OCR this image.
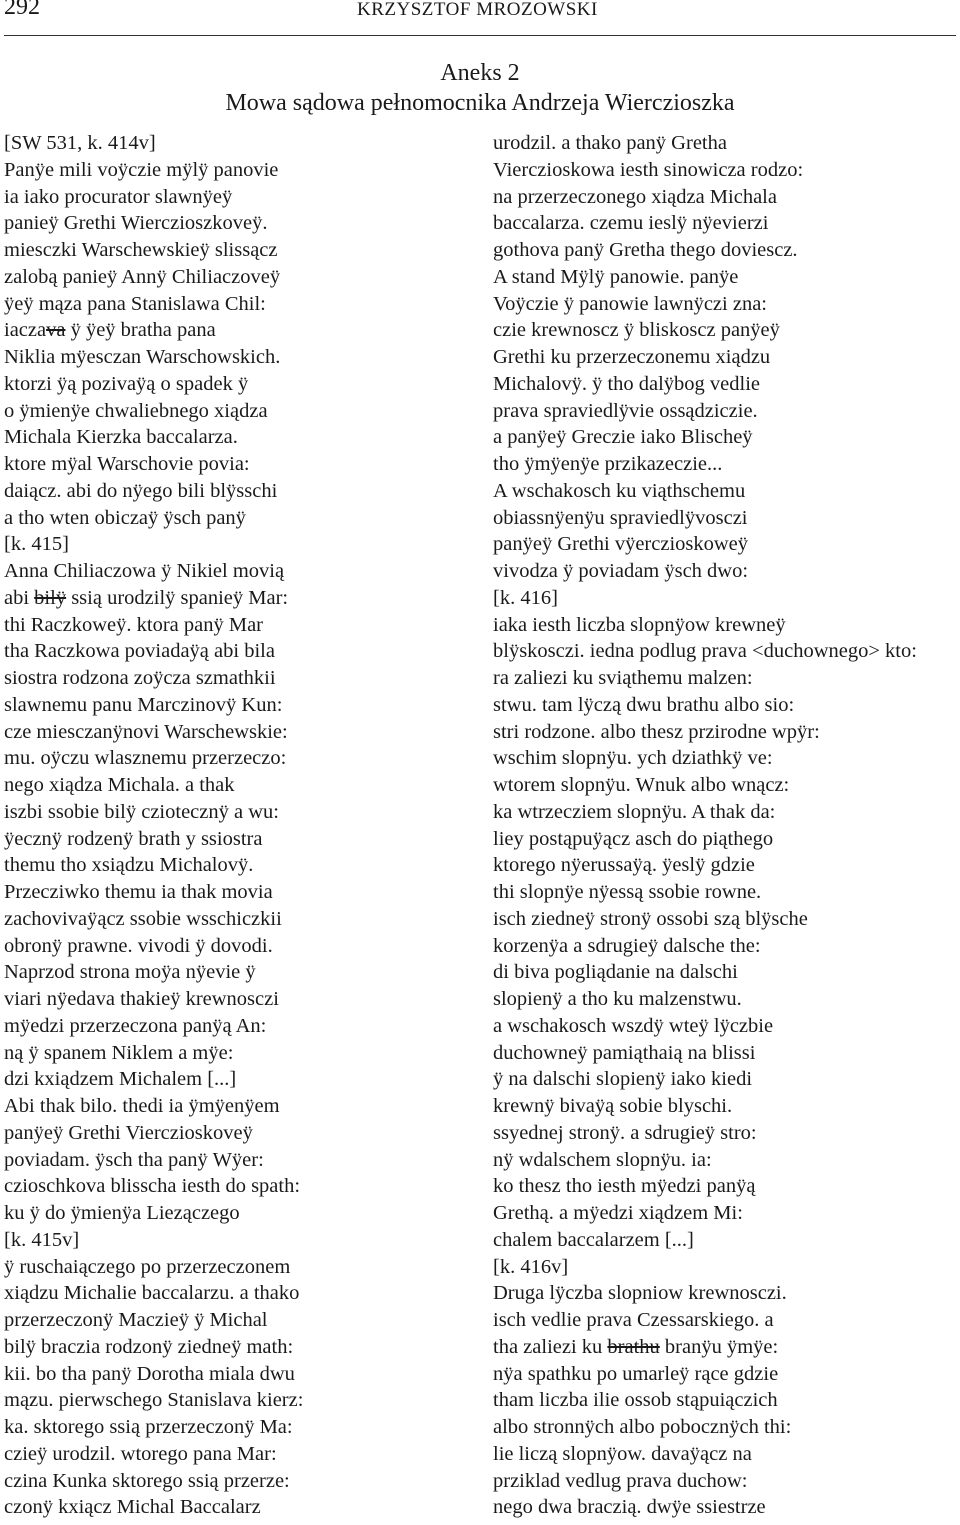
292	KRZYSZTOF MROZOWSKI
Aneks 2
Mowa sądowa pełnomocnika Andrzeja Wierczioszka
[SW 531, k. 414v]
Panÿe mili voÿczie mÿlÿ panovie
ia iako procurator slawnÿeÿ
panieÿ Grethi Wierczioszkoveÿ.
miesczki Warschewskieÿ slissącz
zalobą panieÿ Annÿ Chiliaczoveÿ
ÿeÿ mąza pana Stanislawa Chil:
iaczava ÿ ÿeÿ bratha pana
Niklia mÿesczan Warschowskich.
ktorzi ÿą pozivaÿą o spadek ÿ
o ÿmienÿe chwaliebnego xiądza
Michala Kierzka baccalarza.
ktore mÿal Warschovie povia:
daiącz. abi do nÿego bili blÿsschi
a tho wten obiczaÿ ÿsch panÿ
[k. 415]
Anna Chiliaczowa ÿ Nikiel movią
abi bilÿ ssią urodzilÿ spanieÿ Mar:
thi Raczkoweÿ. ktora panÿ Mar
tha Raczkowa poviadaÿą abi bila
siostra rodzona zoÿcza szmathkii
slawnemu panu Marczinovÿ Kun:
cze miesczanÿnovi Warschewskie:
mu. oÿczu wlasznemu przerzeczo:
nego xiądza Michala. a thak
iszbi ssobie bilÿ cziotecznÿ a wu:
ÿecznÿ rodzenÿ brath y ssiostra
themu tho xsiądzu Michalovÿ.
Przecziwko themu ia thak movia
zachovivaÿącz ssobie wsschiczkii
obronÿ prawne. vivodi ÿ dovodi.
Naprzod strona moÿa nÿevie ÿ
viari nÿedava thakieÿ krewnosczi
mÿedzi przerzeczona panÿą An:
ną ÿ spanem Niklem a mÿe:
dzi kxiądzem Michalem [...]
Abi thak bilo. thedi ia ÿmÿenÿem
panÿeÿ Grethi Vierczioskoveÿ
poviadam. ÿsch tha panÿ Wÿer:
czioschkova blisscha iesth do spath:
ku ÿ do ÿmienÿa Liezączego
[k. 415v]
ÿ ruschaiączego po przerzeczonem
xiądzu Michalie baccalarzu. a thako
przerzeczonÿ Maczieÿ ÿ Michal
bilÿ braczia rodzonÿ ziedneÿ math:
kii. bo tha panÿ Dorotha miala dwu
mązu. pierwschego Stanislava kierz:
ka. sktorego ssią przerzeczonÿ Ma:
czieÿ urodzil. wtorego pana Mar:
czina Kunka sktorego ssią przerze:
czonÿ kxiącz Michal Baccalarz
urodzil. a thako panÿ Gretha
Vierczioskowa iesth sinowicza rodzo:
na przerzeczonego xiądza Michala
baccalarza. czemu ieslÿ nÿevierzi
gothova panÿ Gretha thego doviescz.
A stand Mÿlÿ panowie. panÿe
Voÿczie ÿ panowie lawnÿczi zna:
czie krewnoscz ÿ bliskoscz panÿeÿ
Grethi ku przerzeczonemu xiądzu
Michalovÿ. ÿ tho dalÿbog vedlie
prava spraviedlÿvie ossądziczie.
a panÿeÿ Greczie iako Blischeÿ
tho ÿmÿenÿe przikazeczie...
A wschakosch ku viąthschemu
obiassnÿenÿu spraviedlÿvosczi
panÿeÿ Grethi vÿerczioskoweÿ
vivodza ÿ poviadam ÿsch dwo:
[k. 416]
iaka iesth liczba slopnÿow krewneÿ
blÿskosczi. iedna podlug prava <duchownego> kto:
ra zaliezi ku sviąthemu malzen:
stwu. tam lÿczą dwu brathu albo sio:
stri rodzone. albo thesz przirodne wpÿr:
wschim slopnÿu. ych dziathkÿ ve:
wtorem slopnÿu. Wnuk albo wnącz:
ka wtrzecziem slopnÿu. A thak da:
liey postąpuÿącz asch do piąthego
ktorego nÿerussaÿą. ÿeslÿ gdzie
thi slopnÿe nÿessą ssobie rowne.
isch ziedneÿ stronÿ ossobi szą blÿsche
korzenÿa a sdrugieÿ dalsche the:
di biva pogliądanie na dalschi
slopienÿ a tho ku malzenstwu.
a wschakosch wszdÿ wteÿ lÿczbie
duchowneÿ pamiąthaią na blissi
ÿ na dalschi slopienÿ iako kiedi
krewnÿ bivaÿą sobie blyschi.
ssyednej stronÿ. a sdrugieÿ stro:
nÿ wdalschem slopnÿu. ia:
ko thesz tho iesth mÿedzi panÿą
Grethą. a mÿedzi xiądzem Mi:
chalem baccalarzem [...]
[k. 416v]
Druga lÿczba slopniow krewnosczi.
isch vedlie prava Czessarskiego. a
tha zaliezi ku brathu branÿu ÿmÿe:
nÿa spathku po umarleÿ rące gdzie
tham liczba ilie ossob stąpuiączich
albo stronnÿch albo pobocznÿch thi:
lie liczą slopnÿow. davaÿącz na
prziklad vedlug prava duchow:
nego dwa braczią. dwÿe ssiestrze
